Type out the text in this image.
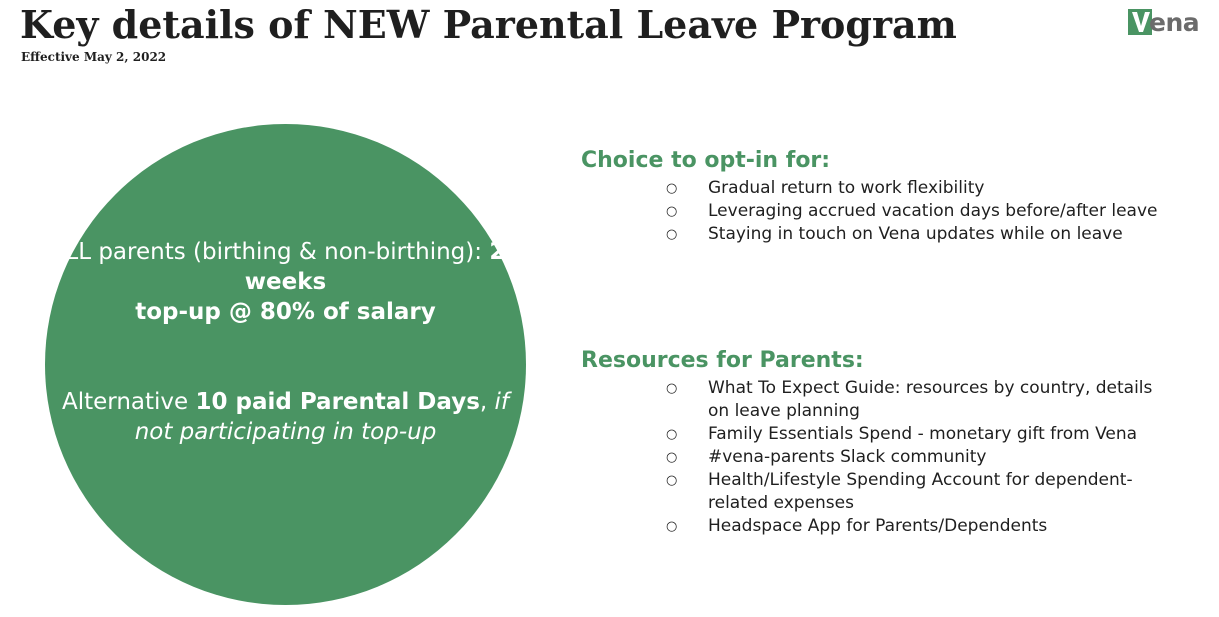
Key details of NEW Parental Leave Program
Effective May 2, 2022
ena
ALL parents (birthing & non-birthing): 20 weeks
top-up @ 80% of salary
Alternative 10 paid Parental Days, if not participating in top-up
Choice to opt-in for:
○ Gradual return to work flexibility
○ Leveraging accrued vacation days before/after leave
○ Staying in touch on Vena updates while on leave
Resources for Parents:
○ What To Expect Guide: resources by country, details on leave planning
○ Family Essentials Spend - monetary gift from Vena
○ #vena-parents Slack community
○ Health/Lifestyle Spending Account for dependent-related expenses
○ Headspace App for Parents/Dependents
